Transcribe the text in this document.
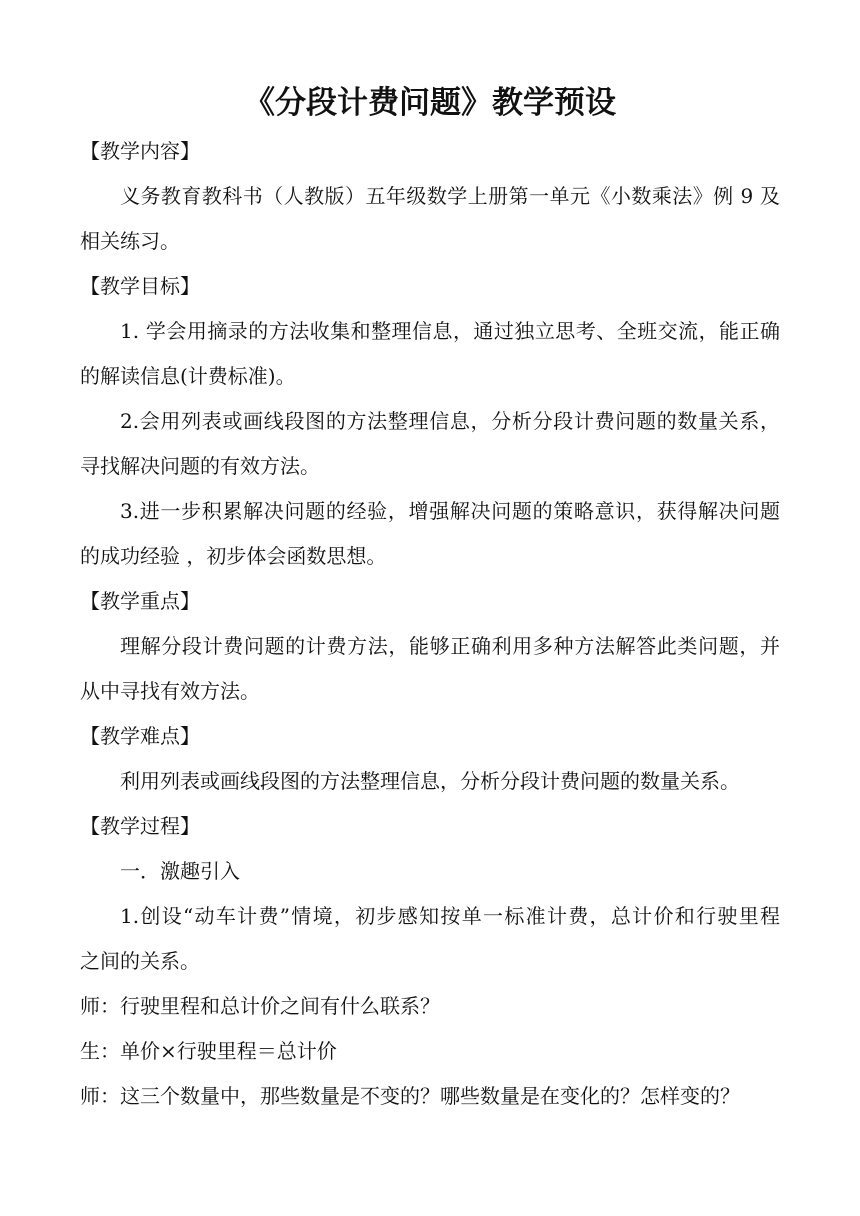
《分段计费问题》教学预设
【教学内容】
义务教育教科书（人教版）五年级数学上册第一单元《小数乘法》例 9 及
相关练习。
【教学目标】
1. 学会用摘录的方法收集和整理信息，通过独立思考、全班交流，能正确
的解读信息(计费标准)。
2.会用列表或画线段图的方法整理信息，分析分段计费问题的数量关系，
寻找解决问题的有效方法。
3.进一步积累解决问题的经验，增强解决问题的策略意识，获得解决问题
的成功经验 ，初步体会函数思想。
【教学重点】
理解分段计费问题的计费方法，能够正确利用多种方法解答此类问题，并
从中寻找有效方法。
【教学难点】
利用列表或画线段图的方法整理信息，分析分段计费问题的数量关系。
【教学过程】
一．激趣引入
1.创设“动车计费”情境，初步感知按单一标准计费，总计价和行驶里程
之间的关系。
师：行驶里程和总计价之间有什么联系？
生：单价×行驶里程＝总计价
师：这三个数量中，那些数量是不变的？哪些数量是在变化的？怎样变的？
